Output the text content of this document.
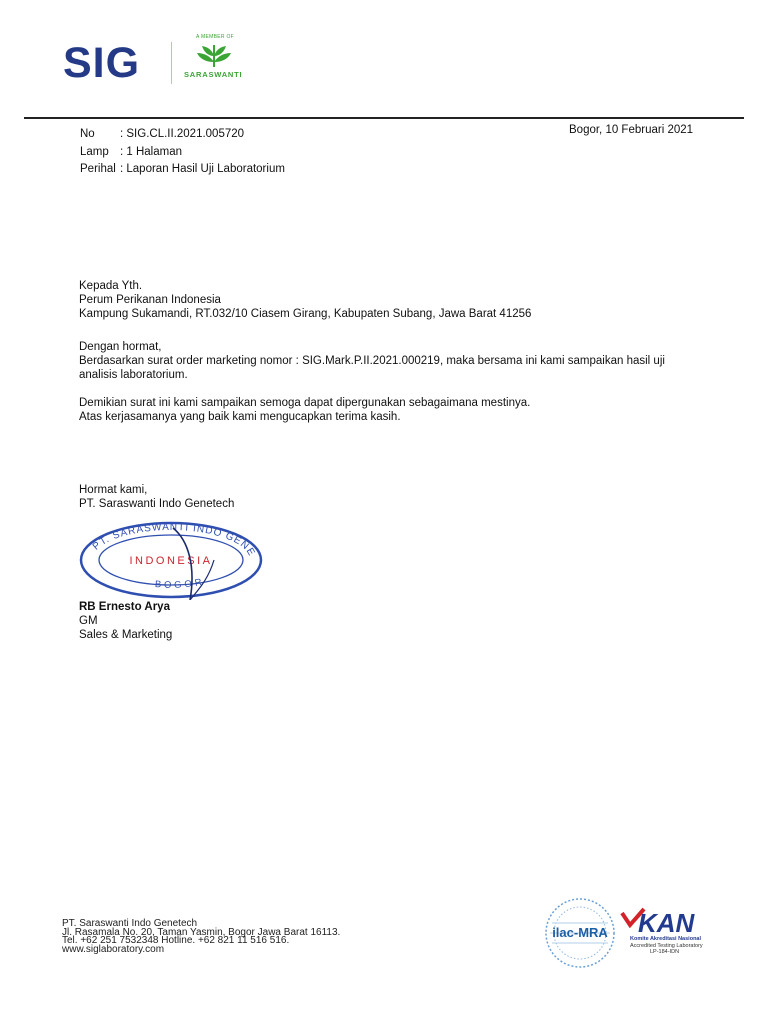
SIG
A MEMBER OF
SARASWANTI
No : SIG.CL.II.2021.005720
Lamp : 1 Halaman
Perihal : Laporan Hasil Uji Laboratorium
Bogor, 10 Februari 2021
Kepada Yth.
Perum Perikanan Indonesia
Kampung Sukamandi, RT.032/10 Ciasem Girang, Kabupaten Subang, Jawa Barat 41256
Dengan hormat,
Berdasarkan surat order marketing nomor : SIG.Mark.P.II.2021.000219, maka bersama ini kami sampaikan hasil uji
analisis laboratorium.
Demikian surat ini kami sampaikan semoga dapat dipergunakan sebagaimana mestinya.
Atas kerjasamanya yang baik kami mengucapkan terima kasih.
Hormat kami,
PT. Saraswanti Indo Genetech
PT. SARASWANTI INDO GENE
BOGOR
INDONESIA
RB Ernesto Arya
GM
Sales & Marketing
PT. Saraswanti Indo Genetech
Jl. Rasamala No. 20, Taman Yasmin, Bogor Jawa Barat 16113.
Tel. +62 251 7532348 Hotline. +62 821 11 516 516.
www.siglaboratory.com
ilac-MRA KAN
Komite Akreditasi Nasional
Accredited Testing Laboratory
LP-184-IDN
